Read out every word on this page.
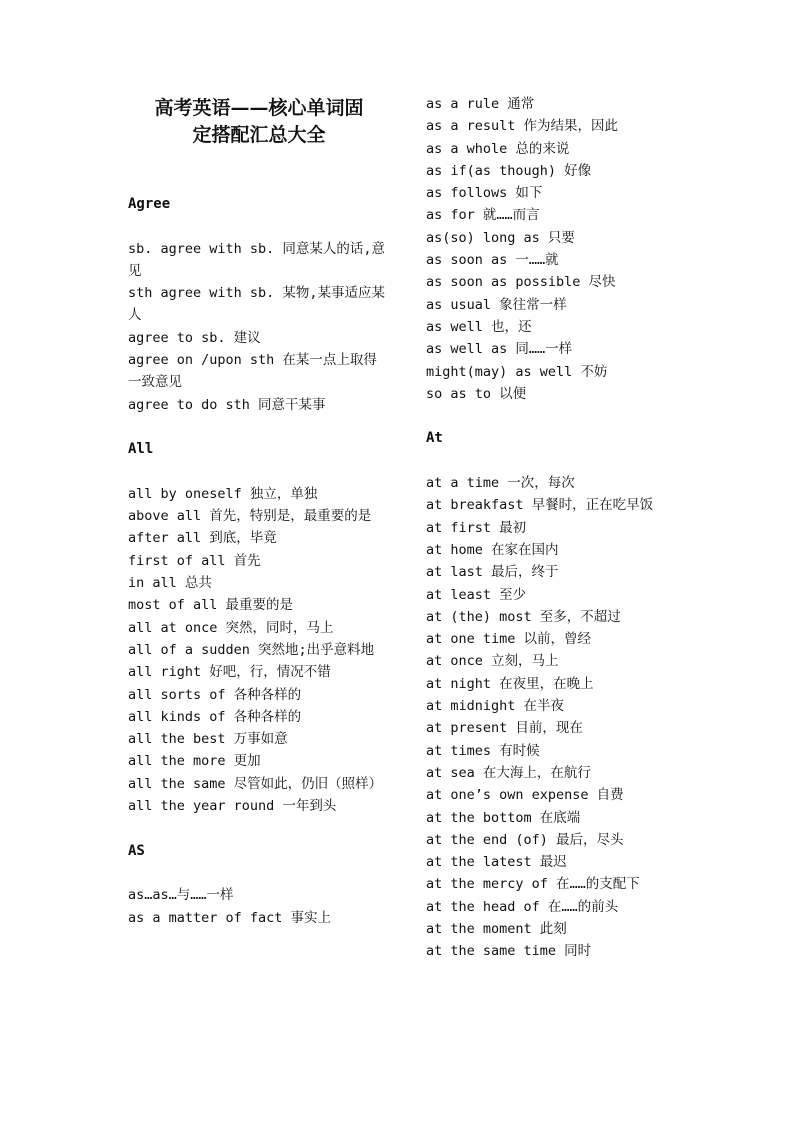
高考英语——核心单词固
定搭配汇总大全
Agree
sb. agree with sb. 同意某人的话,意见
sth agree with sb. 某物,某事适应某人
agree to sb. 建议
agree on /upon sth 在某一点上取得一致意见
agree to do sth 同意干某事
All
all by oneself 独立，单独
above all 首先，特别是，最重要的是
after all 到底，毕竟
first of all 首先
in all 总共
most of all 最重要的是
all at once 突然，同时，马上
all of a sudden 突然地;出乎意料地
all right 好吧，行，情况不错
all sorts of 各种各样的
all kinds of 各种各样的
all the best 万事如意
all the more 更加
all the same 尽管如此，仍旧（照样）
all the year round 一年到头
AS
as…as…与……一样
as a matter of fact 事实上
as a rule 通常
as a result 作为结果，因此
as a whole 总的来说
as if(as though) 好像
as follows 如下
as for 就……而言
as(so) long as 只要
as soon as 一……就
as soon as possible 尽快
as usual 象往常一样
as well 也，还
as well as 同……一样
might(may) as well 不妨
so as to 以便
At
at a time 一次，每次
at breakfast 早餐时，正在吃早饭
at first 最初
at home 在家在国内
at last 最后，终于
at least 至少
at (the) most 至多，不超过
at one time 以前，曾经
at once 立刻，马上
at night 在夜里，在晚上
at midnight 在半夜
at present 目前，现在
at times 有时候
at sea 在大海上，在航行
at one’s own expense 自费
at the bottom 在底端
at the end (of) 最后，尽头
at the latest 最迟
at the mercy of 在……的支配下
at the head of 在……的前头
at the moment 此刻
at the same time 同时
